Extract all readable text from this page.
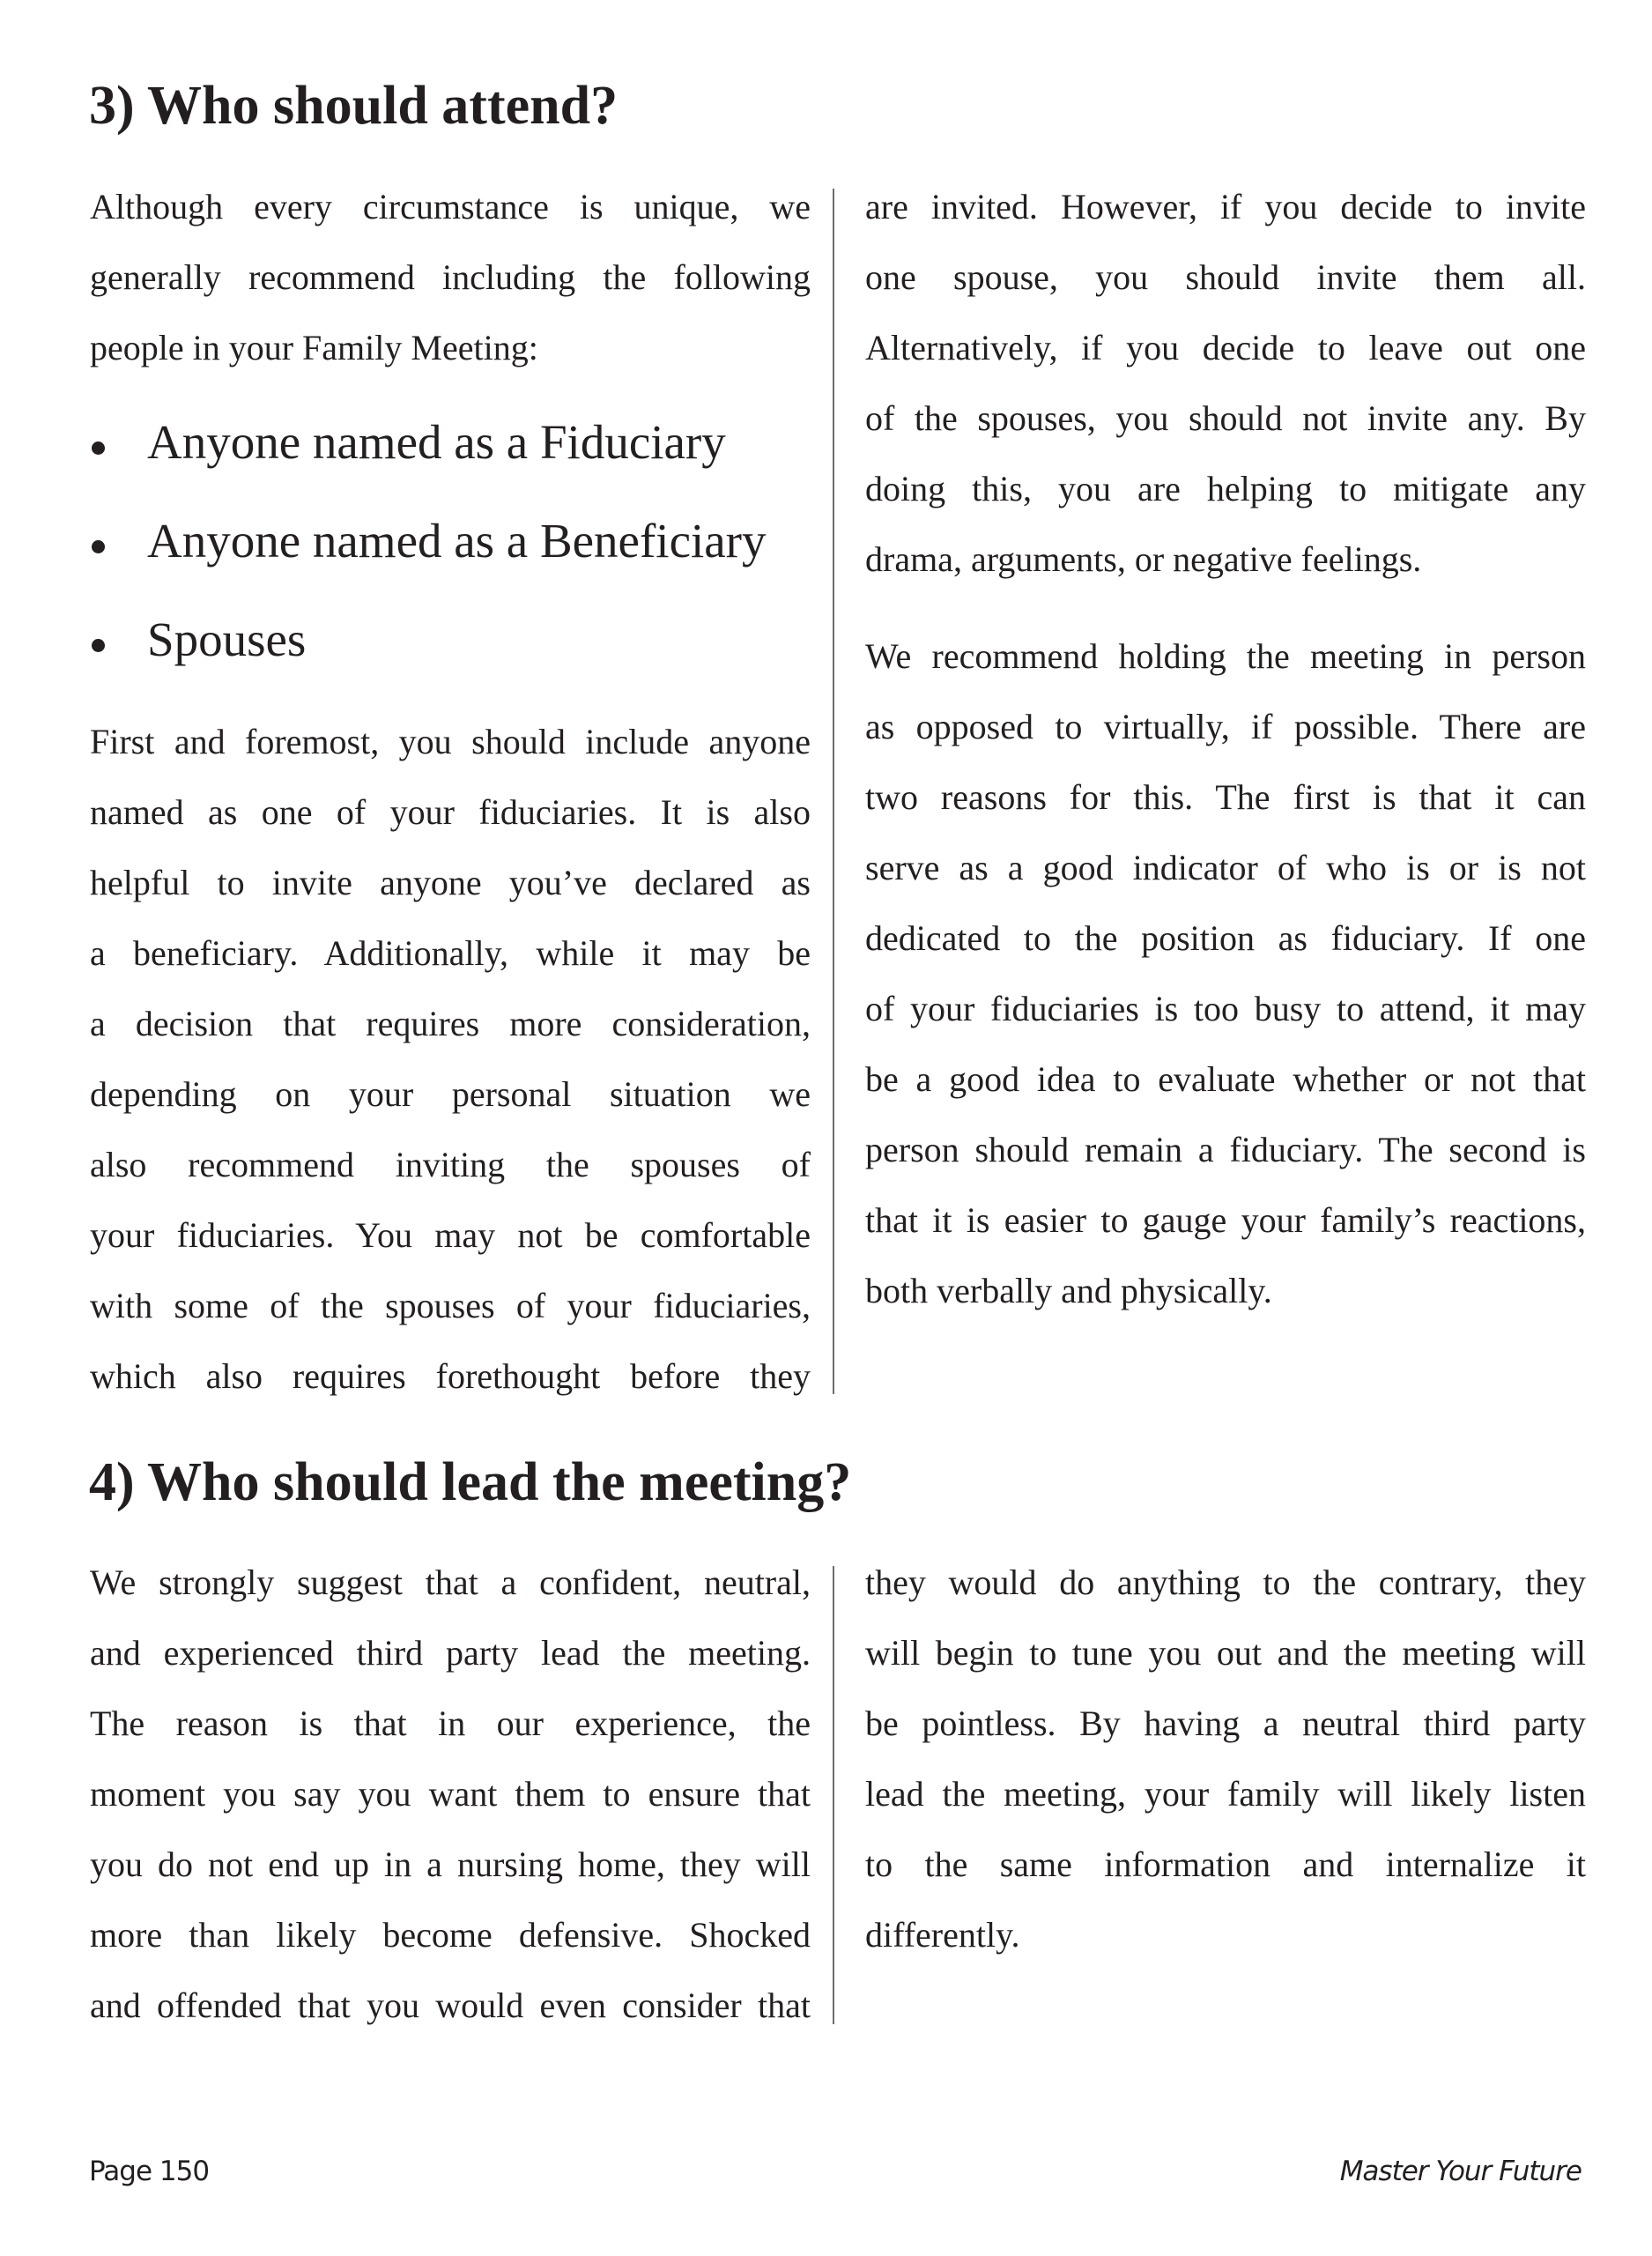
3) Who should attend?
Although every circumstance is unique, we
generally recommend including the following
people in your Family Meeting:
Anyone named as a Fiduciary
Anyone named as a Beneficiary
Spouses
First and foremost, you should include anyone
named as one of your fiduciaries. It is also
helpful to invite anyone you’ve declared as
a beneficiary. Additionally, while it may be
a decision that requires more consideration,
depending on your personal situation we
also recommend inviting the spouses of
your fiduciaries. You may not be comfortable
with some of the spouses of your fiduciaries,
which also requires forethought before they
are invited. However, if you decide to invite
one spouse, you should invite them all.
Alternatively, if you decide to leave out one
of the spouses, you should not invite any. By
doing this, you are helping to mitigate any
drama, arguments, or negative feelings.
We recommend holding the meeting in person
as opposed to virtually, if possible. There are
two reasons for this. The first is that it can
serve as a good indicator of who is or is not
dedicated to the position as fiduciary. If one
of your fiduciaries is too busy to attend, it may
be a good idea to evaluate whether or not that
person should remain a fiduciary. The second is
that it is easier to gauge your family’s reactions,
both verbally and physically.
4) Who should lead the meeting?
We strongly suggest that a confident, neutral,
and experienced third party lead the meeting.
The reason is that in our experience, the
moment you say you want them to ensure that
you do not end up in a nursing home, they will
more than likely become defensive. Shocked
and offended that you would even consider that
they would do anything to the contrary, they
will begin to tune you out and the meeting will
be pointless. By having a neutral third party
lead the meeting, your family will likely listen
to the same information and internalize it
differently.
Page 150	Master Your Future
